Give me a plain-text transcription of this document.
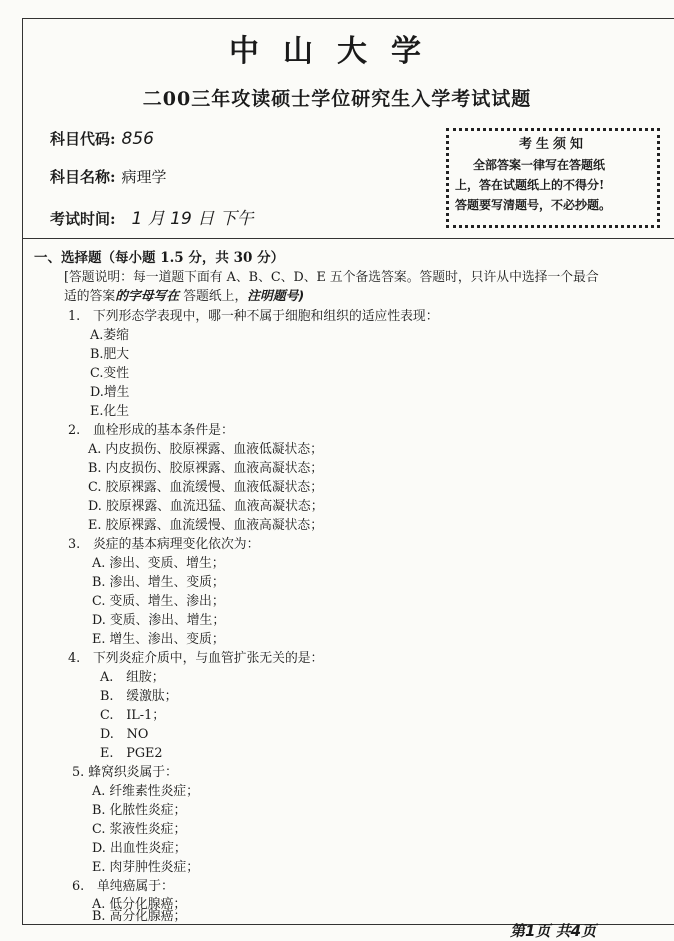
中山大学
二00三年攻读硕士学位研究生入学考试试题
科目代码: 856
科目名称: 病理学
考试时间: 1 月 19 日 下午
考生须知
全部答案一律写在答题纸
上，答在试题纸上的不得分!
答题要写清题号，不必抄题。
一、选择题（每小题 1.5 分，共 30 分）
[答题说明：每一道题下面有 A、B、C、D、E 五个备选答案。答题时，只许从中选择一个最合
适的答案的字母写在 答题纸上，注明题号)
1.　下列形态学表现中，哪一种不属于细胞和组织的适应性表现：
A.萎缩
B.肥大
C.变性
D.增生
E.化生
2.　血栓形成的基本条件是：
A. 内皮损伤、胶原裸露、血液低凝状态；
B. 内皮损伤、胶原裸露、血液高凝状态；
C. 胶原裸露、血流缓慢、血液低凝状态；
D. 胶原裸露、血流迅猛、血液高凝状态；
E. 胶原裸露、血流缓慢、血液高凝状态；
3.　炎症的基本病理变化依次为：
A. 渗出、变质、增生；
B. 渗出、增生、变质；
C. 变质、增生、渗出；
D. 变质、渗出、增生；
E. 增生、渗出、变质；
4.　下列炎症介质中，与血管扩张无关的是：
A.　组胺；
B.　缓激肽；
C.　IL-1；
D.　NO
E.　PGE2
5. 蜂窝织炎属于：
A. 纤维素性炎症；
B. 化脓性炎症；
C. 浆液性炎症；
D. 出血性炎症；
E. 肉芽肿性炎症；
6.　单纯癌属于：
A. 低分化腺癌；
B. 高分化腺癌；
第1页 共4页
